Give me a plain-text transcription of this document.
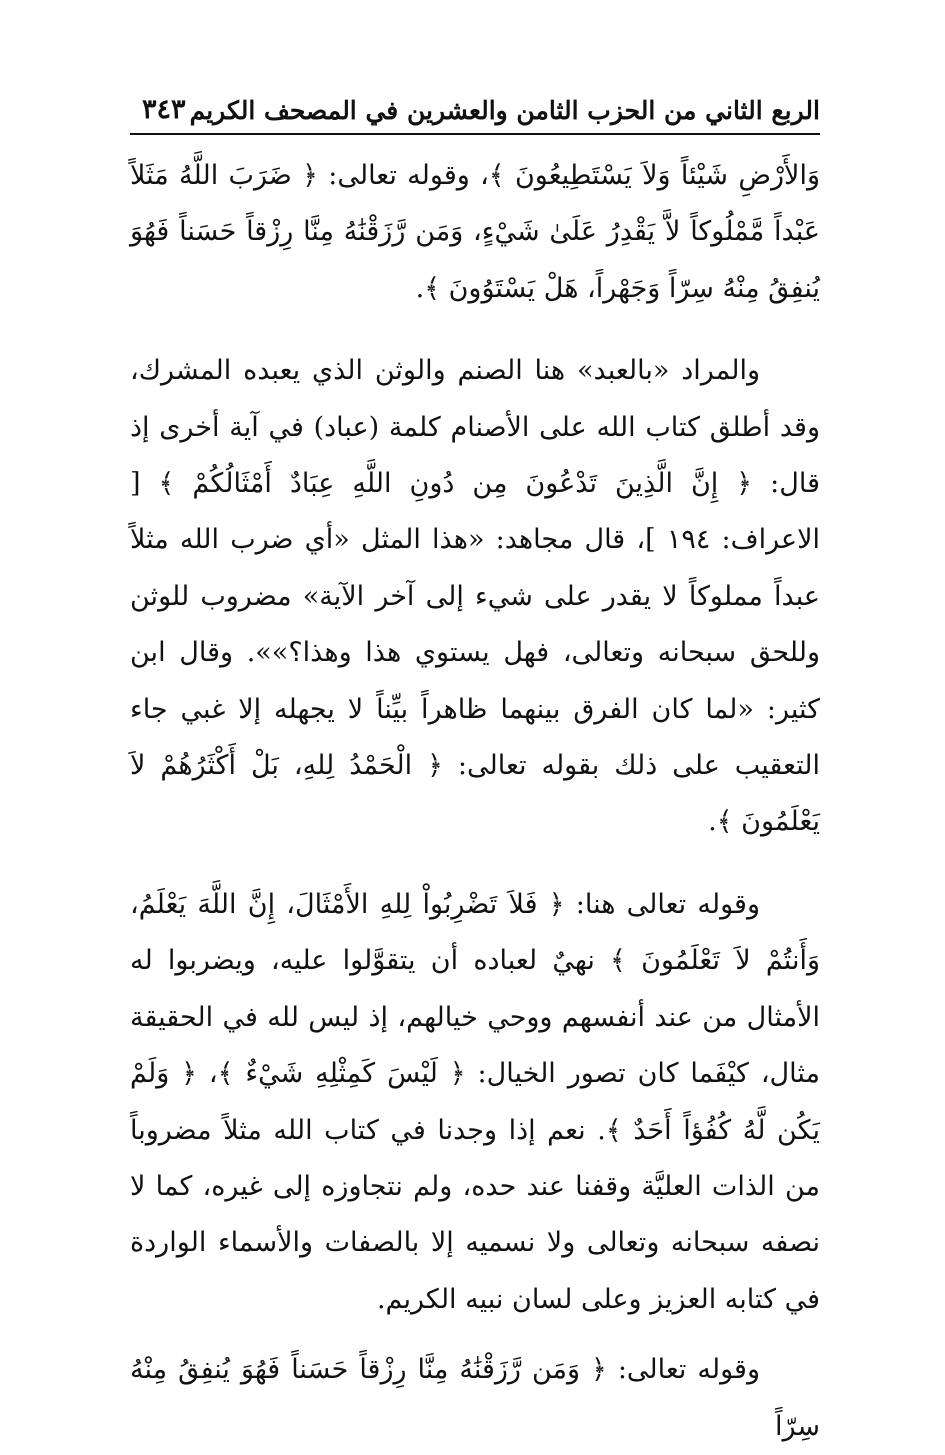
الربع الثاني من الحزب الثامن والعشرين في المصحف الكريم
٣٤٣

وَالأَرْضِ شَيْئاً وَلاَ يَسْتَطِيعُونَ ﴾، وقوله تعالى: ﴿ ضَرَبَ اللَّهُ مَثَلاً عَبْداً مَّمْلُوكاً لاَّ يَقْدِرُ عَلَىٰ شَيْءٍ، وَمَن رَّزَقْنَٰهُ مِنَّا رِزْقاً حَسَناً فَهُوَ يُنفِقُ مِنْهُ سِرّاً وَجَهْراً، هَلْ يَسْتَوُونَ ﴾.

والمراد «بالعبد» هنا الصنم والوثن الذي يعبده المشرك، وقد أطلق كتاب الله على الأصنام كلمة (عباد) في آية أخرى إذ قال: ﴿ إِنَّ الَّذِينَ تَدْعُونَ مِن دُونِ اللَّهِ عِبَادٌ أَمْثَالُكُمْ ﴾ [ الاعراف: ١٩٤ ]، قال مجاهد: «هذا المثل «أي ضرب الله مثلاً عبداً مملوكاً لا يقدر على شيء إلى آخر الآية» مضروب للوثن وللحق سبحانه وتعالى، فهل يستوي هذا وهذا؟»». وقال ابن كثير: «لما كان الفرق بينهما ظاهراً بيِّناً لا يجهله إلا غبي جاء التعقيب على ذلك بقوله تعالى: ﴿ الْحَمْدُ لِلهِ، بَلْ أَكْثَرُهُمْ لاَ يَعْلَمُونَ ﴾.

وقوله تعالى هنا: ﴿ فَلاَ تَضْرِبُواْ لِلهِ الأَمْثَالَ، إِنَّ اللَّهَ يَعْلَمُ، وَأَنتُمْ لاَ تَعْلَمُونَ ﴾ نهيٌ لعباده أن يتقوَّلوا عليه، ويضربوا له الأمثال من عند أنفسهم ووحي خيالهم، إذ ليس لله في الحقيقة مثال، كيْفَما كان تصور الخيال: ﴿ لَيْسَ كَمِثْلِهِ شَيْءٌ ﴾، ﴿ وَلَمْ يَكُن لَّهُ كُفُؤاً أَحَدٌ ﴾. نعم إذا وجدنا في كتاب الله مثلاً مضروباً من الذات العليَّة وقفنا عند حده، ولم نتجاوزه إلى غيره، كما لا نصفه سبحانه وتعالى ولا نسميه إلا بالصفات والأسماء الواردة في كتابه العزيز وعلى لسان نبيه الكريم.

وقوله تعالى: ﴿ وَمَن رَّزَقْنَٰهُ مِنَّا رِزْقاً حَسَناً فَهُوَ يُنفِقُ مِنْهُ سِرّاً
